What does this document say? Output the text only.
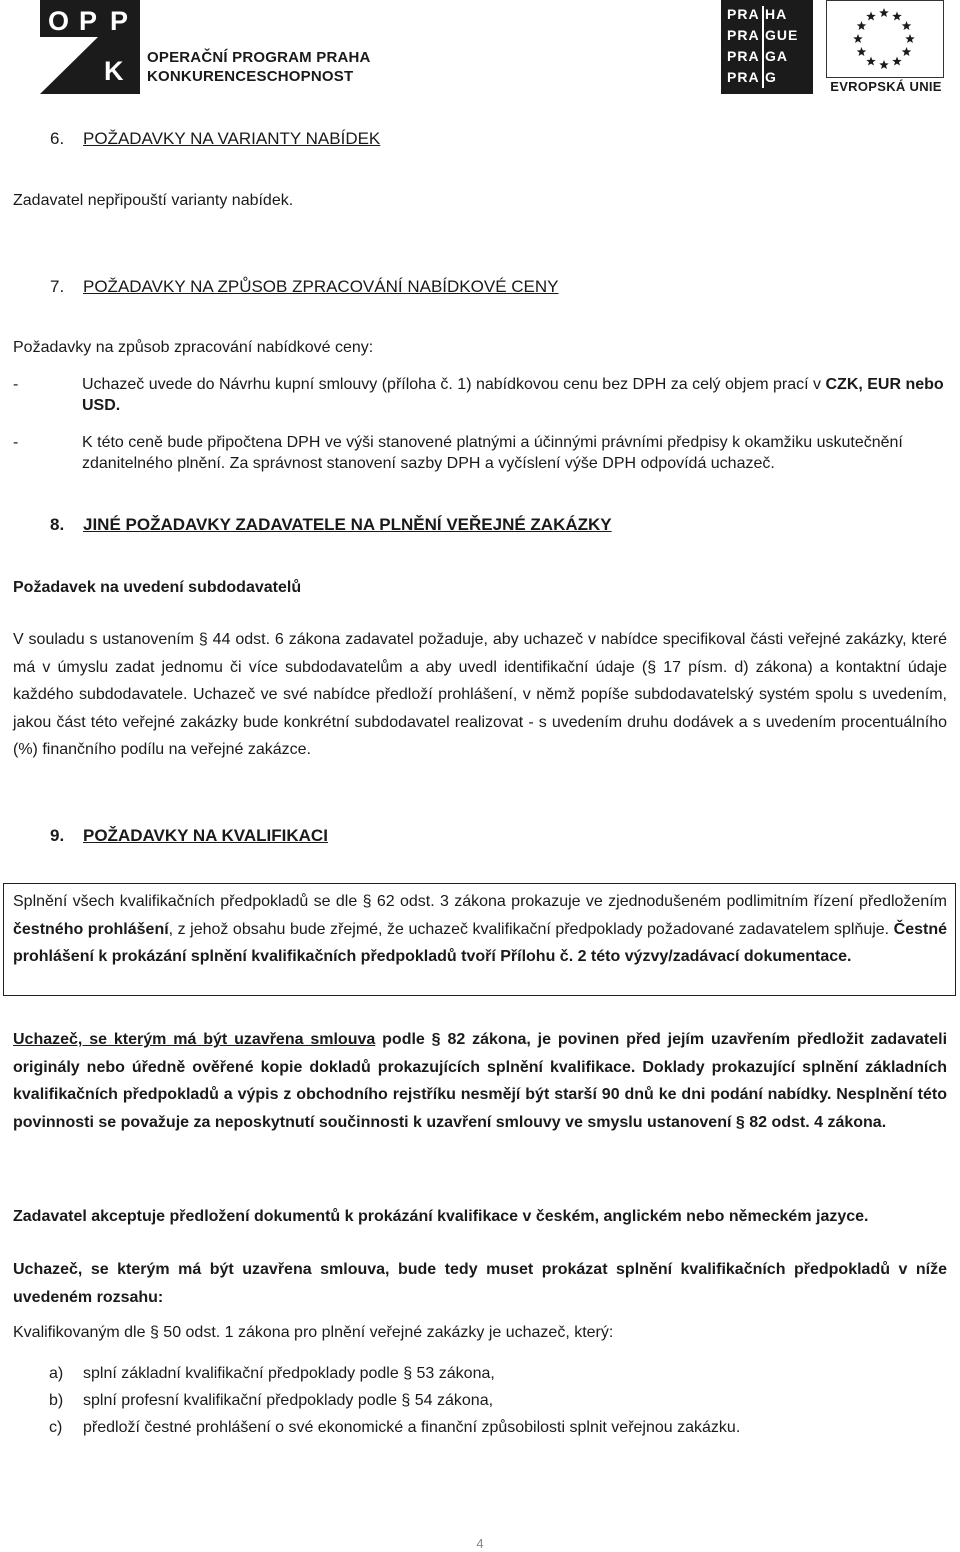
O P P
K OPERAČNÍ PROGRAM PRAHA
KONKURENCESCHOPNOST
PRA HA
PRA GUE
PRA GA
PRA G
EVROPSKÁ UNIE
6. POŽADAVKY NA VARIANTY NABÍDEK
Zadavatel nepřipouští varianty nabídek.
7. POŽADAVKY NA ZPŮSOB ZPRACOVÁNÍ NABÍDKOVÉ CENY
Požadavky na způsob zpracování nabídkové ceny:
-	Uchazeč uvede do Návrhu kupní smlouvy (příloha č. 1) nabídkovou cenu bez DPH za celý objem prací v CZK, EUR nebo USD.
-	K této ceně bude připočtena DPH ve výši stanovené platnými a účinnými právními předpisy k okamžiku uskutečnění zdanitelného plnění. Za správnost stanovení sazby DPH a vyčíslení výše DPH odpovídá uchazeč.
8. JINÉ POŽADAVKY ZADAVATELE NA PLNĚNÍ VEŘEJNÉ ZAKÁZKY
Požadavek na uvedení subdodavatelů
V souladu s ustanovením § 44 odst. 6 zákona zadavatel požaduje, aby uchazeč v nabídce specifikoval části veřejné zakázky, které má v úmyslu zadat jednomu či více subdodavatelům a aby uvedl identifikační údaje (§ 17 písm. d) zákona) a kontaktní údaje každého subdodavatele. Uchazeč ve své nabídce předloží prohlášení, v němž popíše subdodavatelský systém spolu s uvedením, jakou část této veřejné zakázky bude konkrétní subdodavatel realizovat - s uvedením druhu dodávek a s uvedením procentuálního (%) finančního podílu na veřejné zakázce.
9. POŽADAVKY NA KVALIFIKACI
Splnění všech kvalifikačních předpokladů se dle § 62 odst. 3 zákona prokazuje ve zjednodušeném podlimitním řízení předložením čestného prohlášení, z jehož obsahu bude zřejmé, že uchazeč kvalifikační předpoklady požadované zadavatelem splňuje. Čestné prohlášení k prokázání splnění kvalifikačních předpokladů tvoří Přílohu č. 2 této výzvy/zadávací dokumentace.
Uchazeč, se kterým má být uzavřena smlouva podle § 82 zákona, je povinen před jejím uzavřením předložit zadavateli originály nebo úředně ověřené kopie dokladů prokazujících splnění kvalifikace. Doklady prokazující splnění základních kvalifikačních předpokladů a výpis z obchodního rejstříku nesmějí být starší 90 dnů ke dni podání nabídky. Nesplnění této povinnosti se považuje za neposkytnutí součinnosti k uzavření smlouvy ve smyslu ustanovení § 82 odst. 4 zákona.
Zadavatel akceptuje předložení dokumentů k prokázání kvalifikace v českém, anglickém nebo německém jazyce.
Uchazeč, se kterým má být uzavřena smlouva, bude tedy muset prokázat splnění kvalifikačních předpokladů v níže uvedeném rozsahu:
Kvalifikovaným dle § 50 odst. 1 zákona pro plnění veřejné zakázky je uchazeč, který:
a) splní základní kvalifikační předpoklady podle § 53 zákona,
b) splní profesní kvalifikační předpoklady podle § 54 zákona,
c) předloží čestné prohlášení o své ekonomické a finanční způsobilosti splnit veřejnou zakázku.
4
